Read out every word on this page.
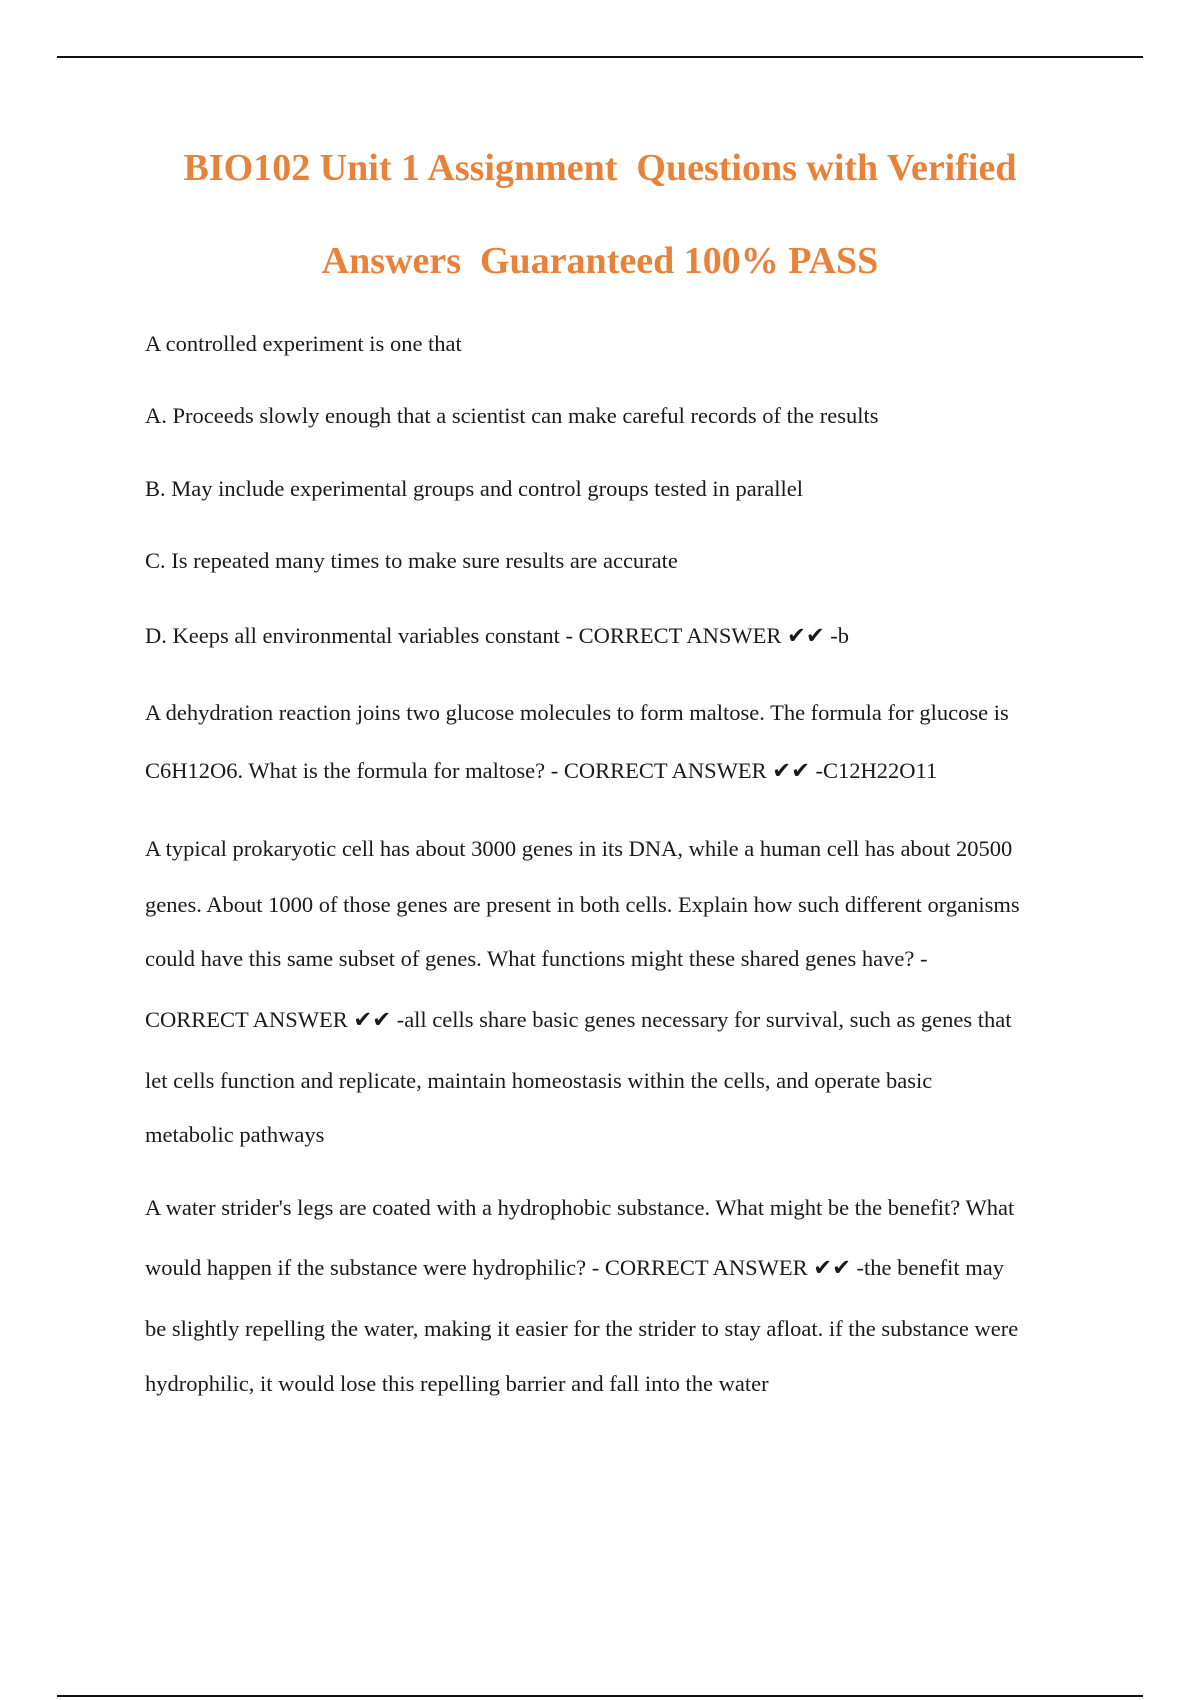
BIO102 Unit 1 Assignment  Questions with Verified
Answers  Guaranteed 100% PASS
A controlled experiment is one that
A. Proceeds slowly enough that a scientist can make careful records of the results
B. May include experimental groups and control groups tested in parallel
C. Is repeated many times to make sure results are accurate
D. Keeps all environmental variables constant - CORRECT ANSWER ✔✔ -b
A dehydration reaction joins two glucose molecules to form maltose. The formula for glucose is
C6H12O6. What is the formula for maltose? - CORRECT ANSWER ✔✔ -C12H22O11
A typical prokaryotic cell has about 3000 genes in its DNA, while a human cell has about 20500
genes. About 1000 of those genes are present in both cells. Explain how such different organisms
could have this same subset of genes. What functions might these shared genes have? -
CORRECT ANSWER ✔✔ -all cells share basic genes necessary for survival, such as genes that
let cells function and replicate, maintain homeostasis within the cells, and operate basic
metabolic pathways
A water strider's legs are coated with a hydrophobic substance. What might be the benefit? What
would happen if the substance were hydrophilic? - CORRECT ANSWER ✔✔ -the benefit may
be slightly repelling the water, making it easier for the strider to stay afloat. if the substance were
hydrophilic, it would lose this repelling barrier and fall into the water
